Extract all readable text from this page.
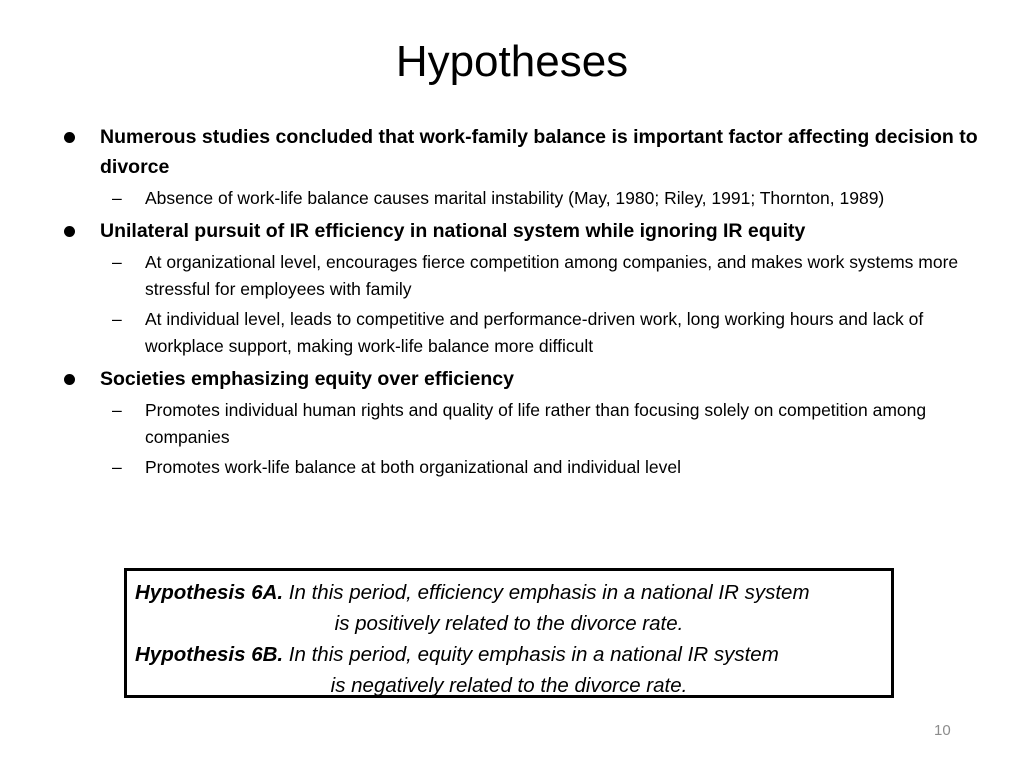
Hypotheses
Numerous studies concluded that work-family balance is important factor affecting decision to divorce
– Absence of work-life balance causes marital instability (May, 1980; Riley, 1991; Thornton, 1989)
Unilateral pursuit of IR efficiency in national system while ignoring IR equity
– At organizational level, encourages fierce competition among companies, and makes work systems more stressful for employees with family
– At individual level, leads to competitive and performance-driven work, long working hours and lack of workplace support, making work-life balance more difficult
Societies emphasizing equity over efficiency
– Promotes individual human rights and quality of life rather than focusing solely on competition among companies
– Promotes work-life balance at both organizational and individual level
Hypothesis 6A. In this period, efficiency emphasis in a national IR system
is positively related to the divorce rate.
Hypothesis 6B. In this period, equity emphasis in a national IR system
is negatively related to the divorce rate.
10
